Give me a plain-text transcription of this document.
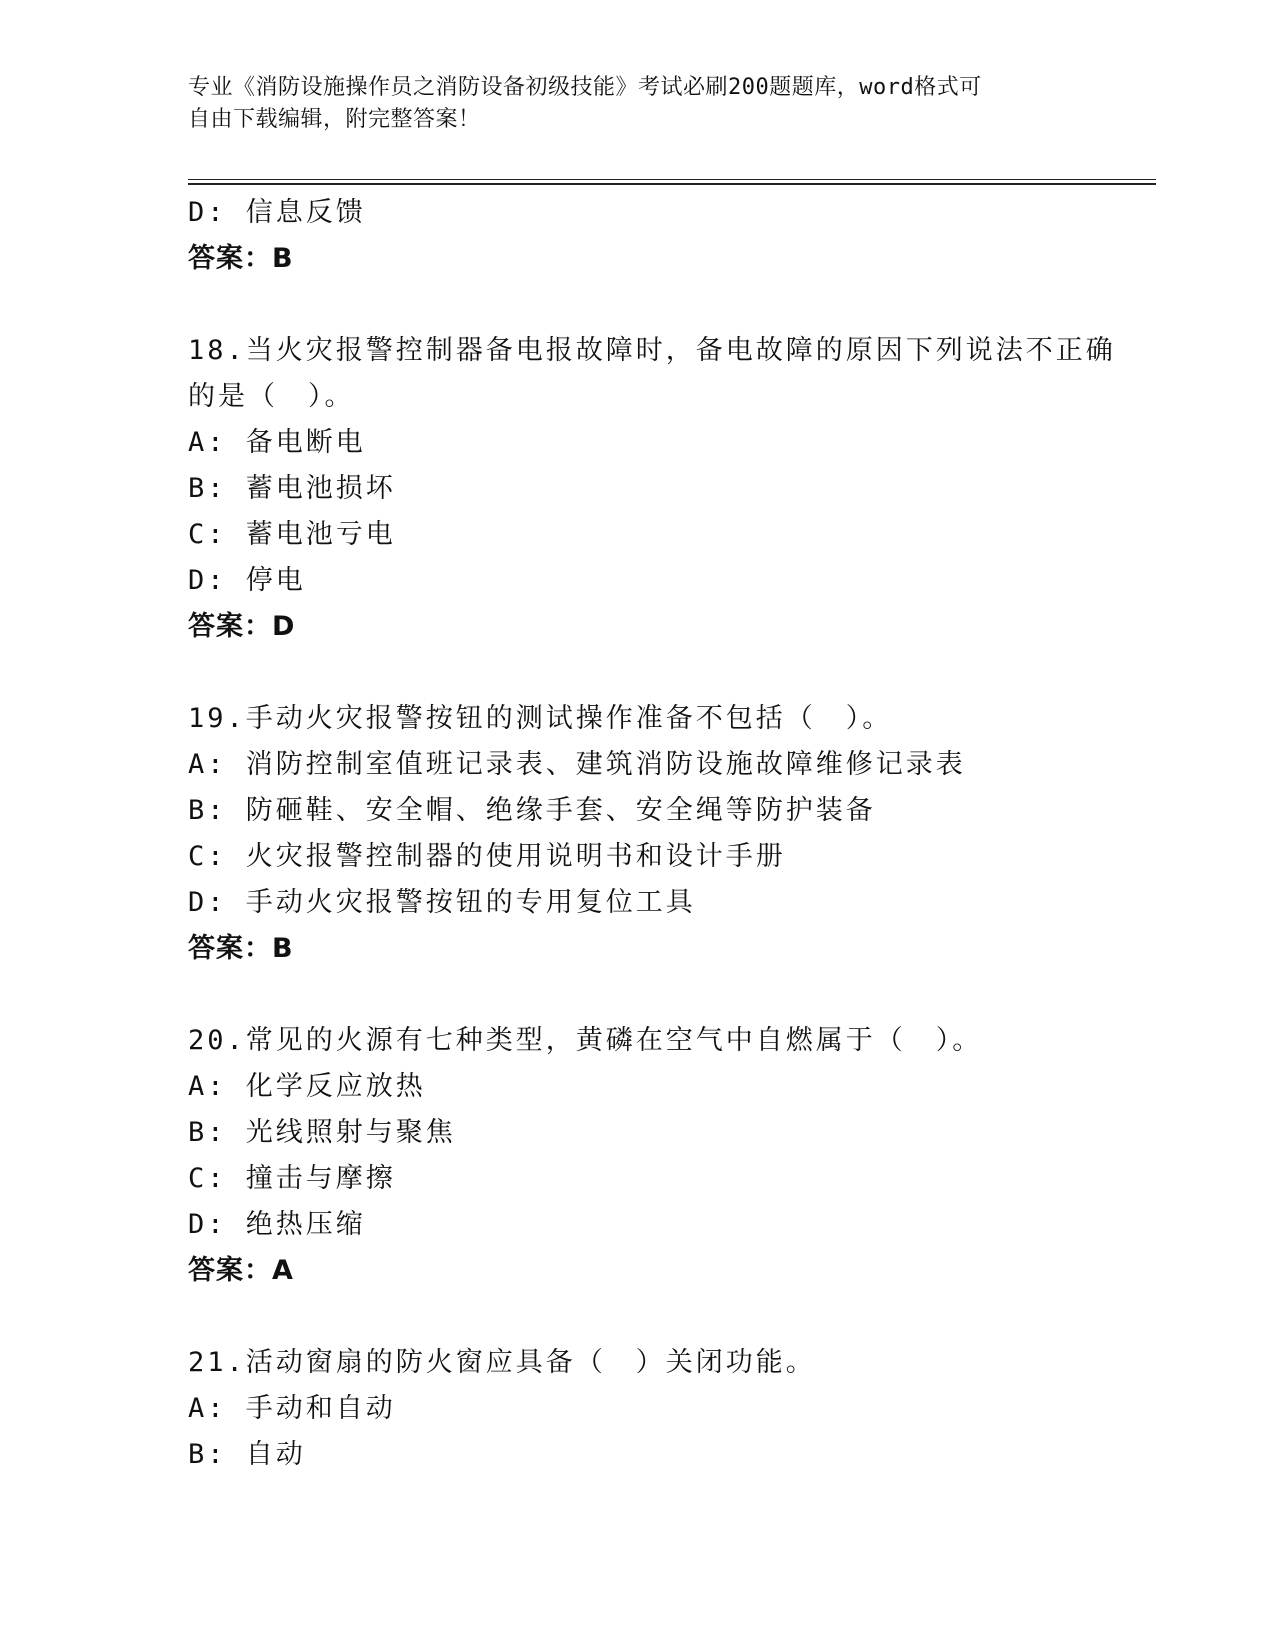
专业《消防设施操作员之消防设备初级技能》考试必刷200题题库，word格式可
自由下载编辑，附完整答案！
D: 信息反馈
答案：B
18.当火灾报警控制器备电报故障时，备电故障的原因下列说法不正确
的是（　）。
A: 备电断电
B: 蓄电池损坏
C: 蓄电池亏电
D: 停电
答案：D
19.手动火灾报警按钮的测试操作准备不包括（　）。
A: 消防控制室值班记录表、建筑消防设施故障维修记录表
B: 防砸鞋、安全帽、绝缘手套、安全绳等防护装备
C: 火灾报警控制器的使用说明书和设计手册
D: 手动火灾报警按钮的专用复位工具
答案：B
20.常见的火源有七种类型，黄磷在空气中自燃属于（　）。
A: 化学反应放热
B: 光线照射与聚焦
C: 撞击与摩擦
D: 绝热压缩
答案：A
21.活动窗扇的防火窗应具备（　）关闭功能。
A: 手动和自动
B: 自动
